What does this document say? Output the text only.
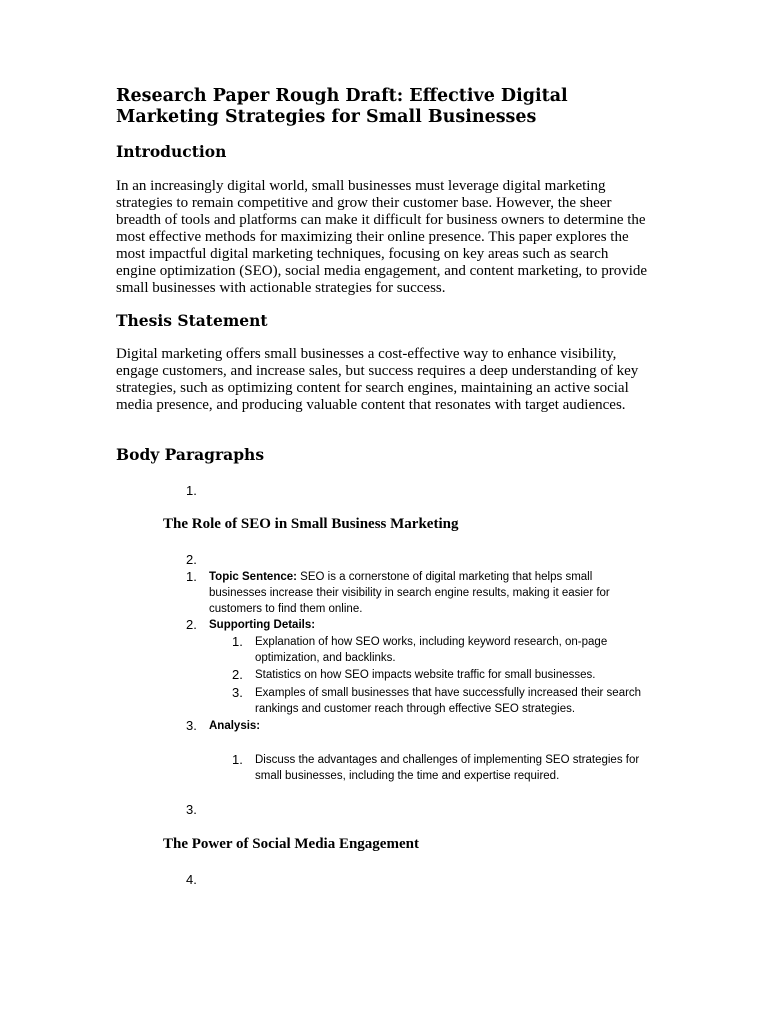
Research Paper Rough Draft: Effective Digital Marketing Strategies for Small Businesses
Introduction

In an increasingly digital world, small businesses must leverage digital marketing strategies to remain competitive and grow their customer base. However, the sheer breadth of tools and platforms can make it difficult for business owners to determine the most effective methods for maximizing their online presence. This paper explores the most impactful digital marketing techniques, focusing on key areas such as search engine optimization (SEO), social media engagement, and content marketing, to provide small businesses with actionable strategies for success.

Thesis Statement

Digital marketing offers small businesses a cost-effective way to enhance visibility, engage customers, and increase sales, but success requires a deep understanding of key strategies, such as optimizing content for search engines, maintaining an active social media presence, and producing valuable content that resonates with target audiences.

Body Paragraphs
1.

The Role of SEO in Small Business Marketing

2.
1.	Topic Sentence: SEO is a cornerstone of digital marketing that helps small businesses increase their visibility in search engine results, making it easier for customers to find them online.
2.	Supporting Details:
1.	Explanation of how SEO works, including keyword research, on-page optimization, and backlinks.
2.	Statistics on how SEO impacts website traffic for small businesses.
3.	Examples of small businesses that have successfully increased their search rankings and customer reach through effective SEO strategies.
3.	Analysis:
1.	Discuss the advantages and challenges of implementing SEO strategies for small businesses, including the time and expertise required.
3.

The Power of Social Media Engagement

4.
